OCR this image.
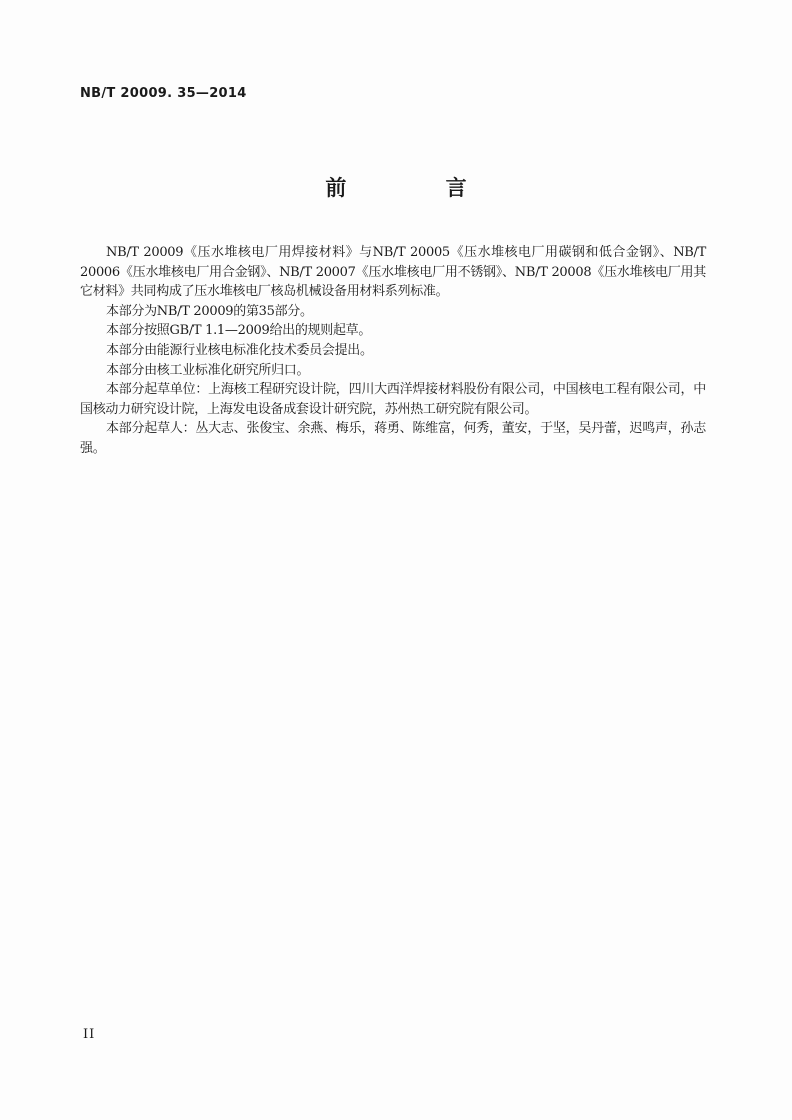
NB/T 20009. 35—2014
前 言

NB/T 20009《压水堆核电厂用焊接材料》与NB/T 20005《压水堆核电厂用碳钢和低合金钢》、NB/T 20006《压水堆核电厂用合金钢》、NB/T 20007《压水堆核电厂用不锈钢》、NB/T 20008《压水堆核电厂用其它材料》共同构成了压水堆核电厂核岛机械设备用材料系列标准。

本部分为NB/T 20009的第35部分。

本部分按照GB/T 1.1—2009给出的规则起草。

本部分由能源行业核电标准化技术委员会提出。

本部分由核工业标准化研究所归口。

本部分起草单位：上海核工程研究设计院，四川大西洋焊接材料股份有限公司，中国核电工程有限公司，中国核动力研究设计院，上海发电设备成套设计研究院，苏州热工研究院有限公司。

本部分起草人：丛大志、张俊宝、余燕、梅乐，蒋勇、陈维富，何秀，董安，于坚，吴丹蕾，迟鸣声，孙志强。

II
